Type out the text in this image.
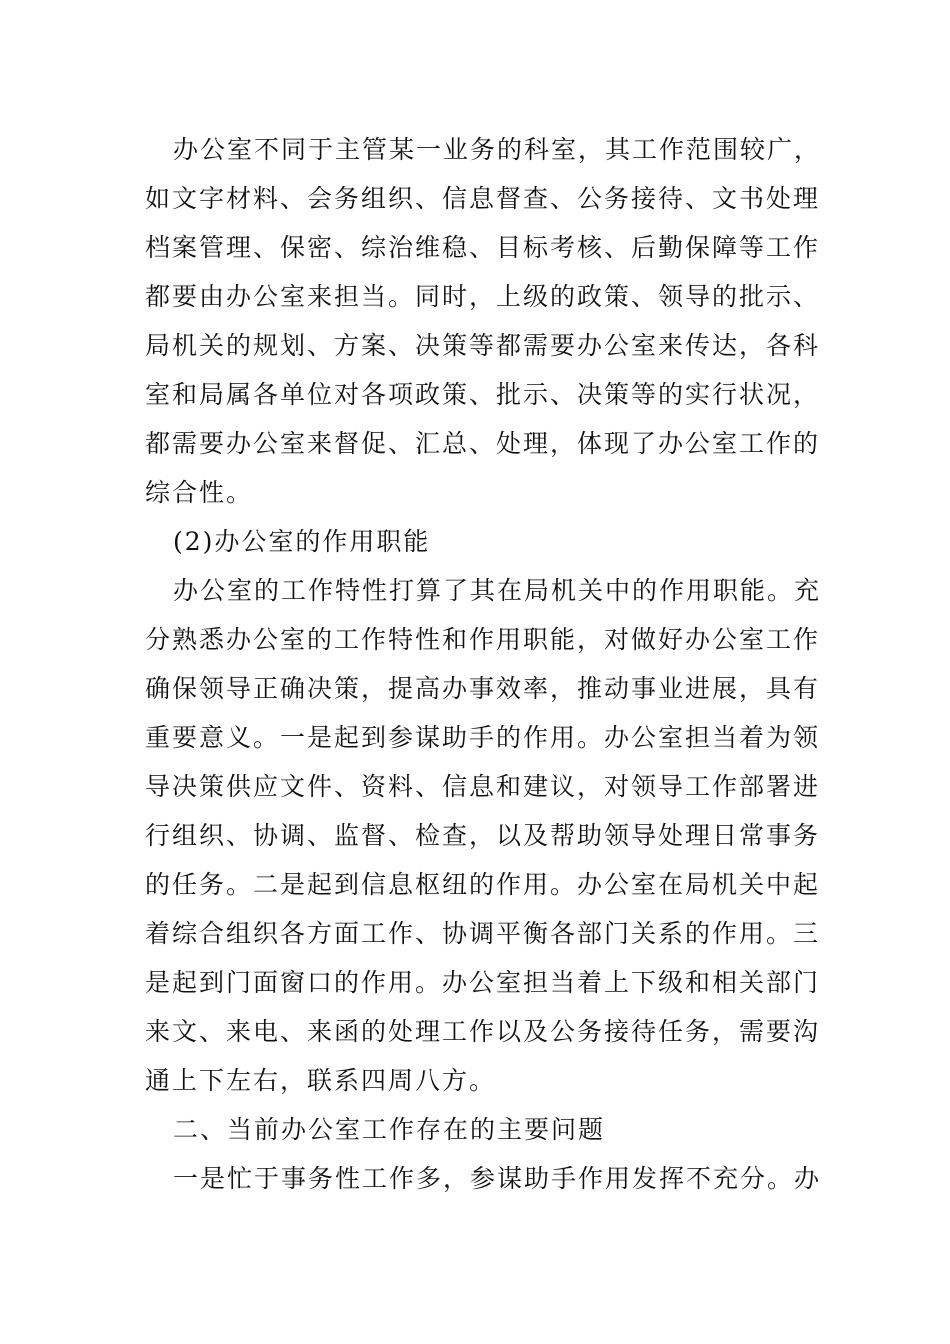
办公室不同于主管某一业务的科室，其工作范围较广，
如文字材料、会务组织、信息督查、公务接待、文书处理
档案管理、保密、综治维稳、目标考核、后勤保障等工作
都要由办公室来担当。同时，上级的政策、领导的批示、
局机关的规划、方案、决策等都需要办公室来传达，各科
室和局属各单位对各项政策、批示、决策等的实行状况，
都需要办公室来督促、汇总、处理，体现了办公室工作的
综合性。
(2)办公室的作用职能
办公室的工作特性打算了其在局机关中的作用职能。充
分熟悉办公室的工作特性和作用职能，对做好办公室工作
确保领导正确决策，提高办事效率，推动事业进展，具有
重要意义。一是起到参谋助手的作用。办公室担当着为领
导决策供应文件、资料、信息和建议，对领导工作部署进
行组织、协调、监督、检查，以及帮助领导处理日常事务
的任务。二是起到信息枢纽的作用。办公室在局机关中起
着综合组织各方面工作、协调平衡各部门关系的作用。三
是起到门面窗口的作用。办公室担当着上下级和相关部门
来文、来电、来函的处理工作以及公务接待任务，需要沟
通上下左右，联系四周八方。
二、当前办公室工作存在的主要问题
一是忙于事务性工作多，参谋助手作用发挥不充分。办
